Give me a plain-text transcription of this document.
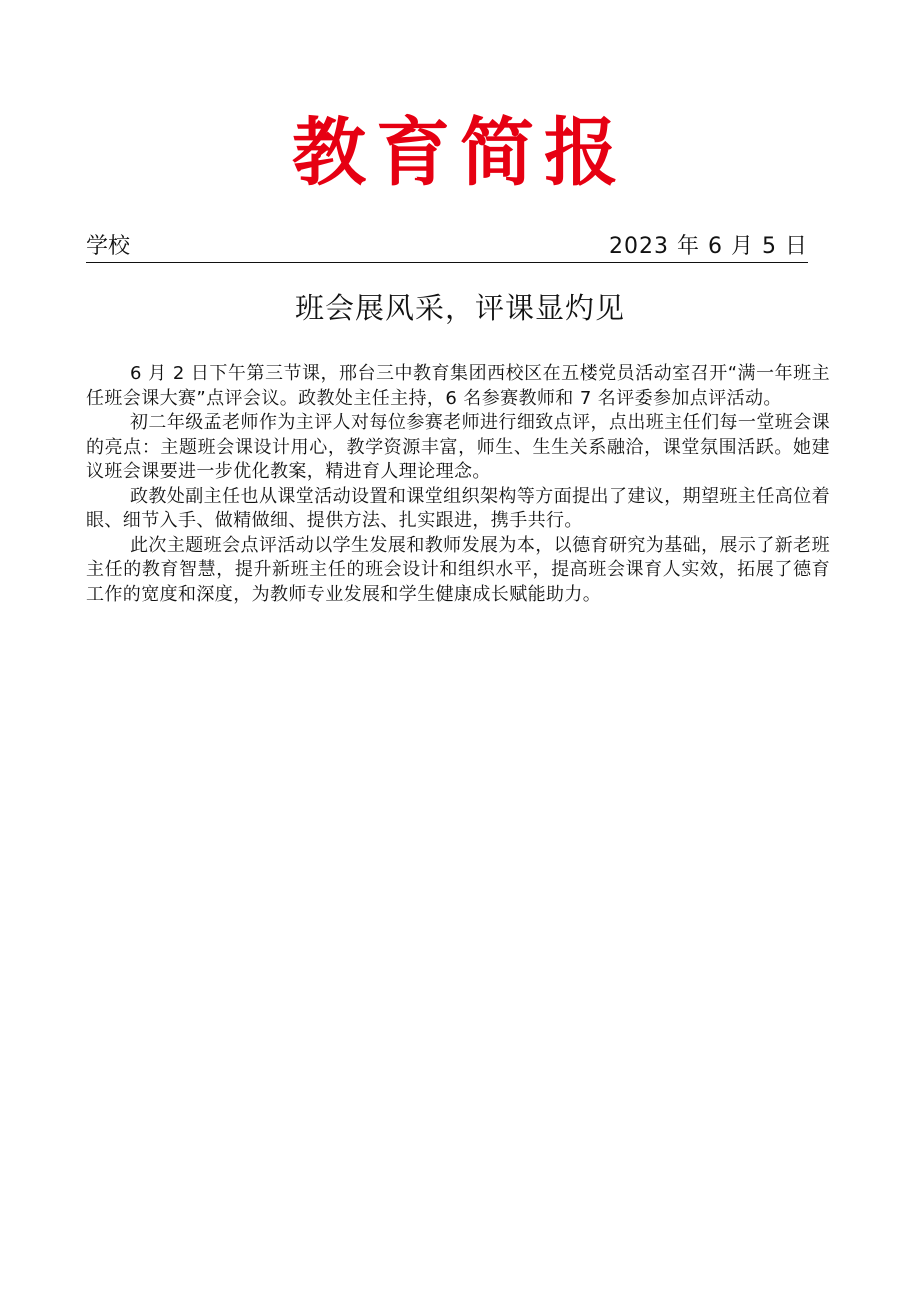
教育简报
学校	2023 年 6 月 5 日
班会展风采，评课显灼见

6 月 2 日下午第三节课，邢台三中教育集团西校区在五楼党员活动室召开“满一年班主任班会课大赛”点评会议。政教处主任主持，6 名参赛教师和 7 名评委参加点评活动。

初二年级孟老师作为主评人对每位参赛老师进行细致点评，点出班主任们每一堂班会课的亮点：主题班会课设计用心，教学资源丰富，师生、生生关系融洽，课堂氛围活跃。她建议班会课要进一步优化教案，精进育人理论理念。

政教处副主任也从课堂活动设置和课堂组织架构等方面提出了建议，期望班主任高位着眼、细节入手、做精做细、提供方法、扎实跟进，携手共行。

此次主题班会点评活动以学生发展和教师发展为本，以德育研究为基础，展示了新老班主任的教育智慧，提升新班主任的班会设计和组织水平，提高班会课育人实效，拓展了德育工作的宽度和深度，为教师专业发展和学生健康成长赋能助力。
